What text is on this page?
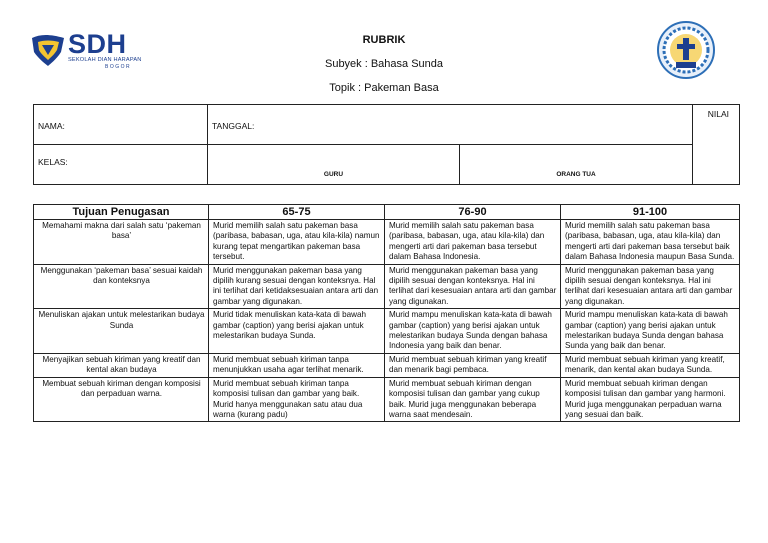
SDH
SEKOLAH DIAN HARAPAN
BOGOR
RUBRIK
Subyek : Bahasa Sunda
Topik : Pakeman Basa
NAMA:	TANGGAL:		NILAI
KELAS:	GURU	ORANG TUA	
Tujuan Penugasan	65-75	76-90	91-100
Memahami makna dari salah satu ‘pakeman basa’	Murid memilih salah satu pakeman basa (paribasa, babasan, uga, atau kila-kila) namun kurang tepat mengartikan pakeman basa tersebut.	Murid memilih salah satu pakeman basa (paribasa, babasan, uga, atau kila-kila) dan mengerti arti dari pakeman basa tersebut dalam Bahasa Indonesia.	Murid memilih salah satu pakeman basa (paribasa, babasan, uga, atau kila-kila) dan mengerti arti dari pakeman basa tersebut baik dalam Bahasa Indonesia maupun Basa Sunda.
Menggunakan ‘pakeman basa’ sesuai kaidah dan konteksnya	Murid menggunakan pakeman basa yang dipilih kurang sesuai dengan konteksnya. Hal ini terlihat dari ketidaksesuaian antara arti dan gambar yang digunakan.	Murid menggunakan pakeman basa yang dipilih sesuai dengan konteksnya. Hal ini terlihat dari kesesuaian antara arti dan gambar yang digunakan.	Murid menggunakan pakeman basa yang dipilih sesuai dengan konteksnya. Hal ini terlihat dari kesesuaian antara arti dan gambar yang digunakan.
Menuliskan ajakan untuk melestarikan budaya Sunda	Murid tidak menuliskan kata-kata di bawah gambar (caption) yang berisi ajakan untuk melestarikan budaya Sunda.	Murid mampu menuliskan kata-kata di bawah gambar (caption) yang berisi ajakan untuk melestarikan budaya Sunda dengan bahasa Indonesia yang baik dan benar.	Murid mampu menuliskan kata-kata di bawah gambar (caption) yang berisi ajakan untuk melestarikan budaya Sunda dengan bahasa Sunda yang baik dan benar.
Menyajikan sebuah kiriman yang kreatif dan kental akan budaya	Murid membuat sebuah kiriman tanpa menunjukkan usaha agar terlihat menarik.	Murid membuat sebuah kiriman yang kreatif dan menarik bagi pembaca.	Murid membuat sebuah kiriman yang kreatif, menarik, dan kental akan budaya Sunda.
Membuat sebuah kiriman dengan komposisi dan perpaduan warna.	Murid membuat sebuah kiriman tanpa komposisi tulisan dan gambar yang baik. Murid hanya menggunakan satu atau dua warna (kurang padu)	Murid membuat sebuah kiriman dengan komposisi tulisan dan gambar yang cukup baik. Murid juga menggunakan beberapa warna saat mendesain.	Murid membuat sebuah kiriman dengan komposisi tulisan dan gambar yang harmoni. Murid juga menggunakan perpaduan warna yang sesuai dan baik.
